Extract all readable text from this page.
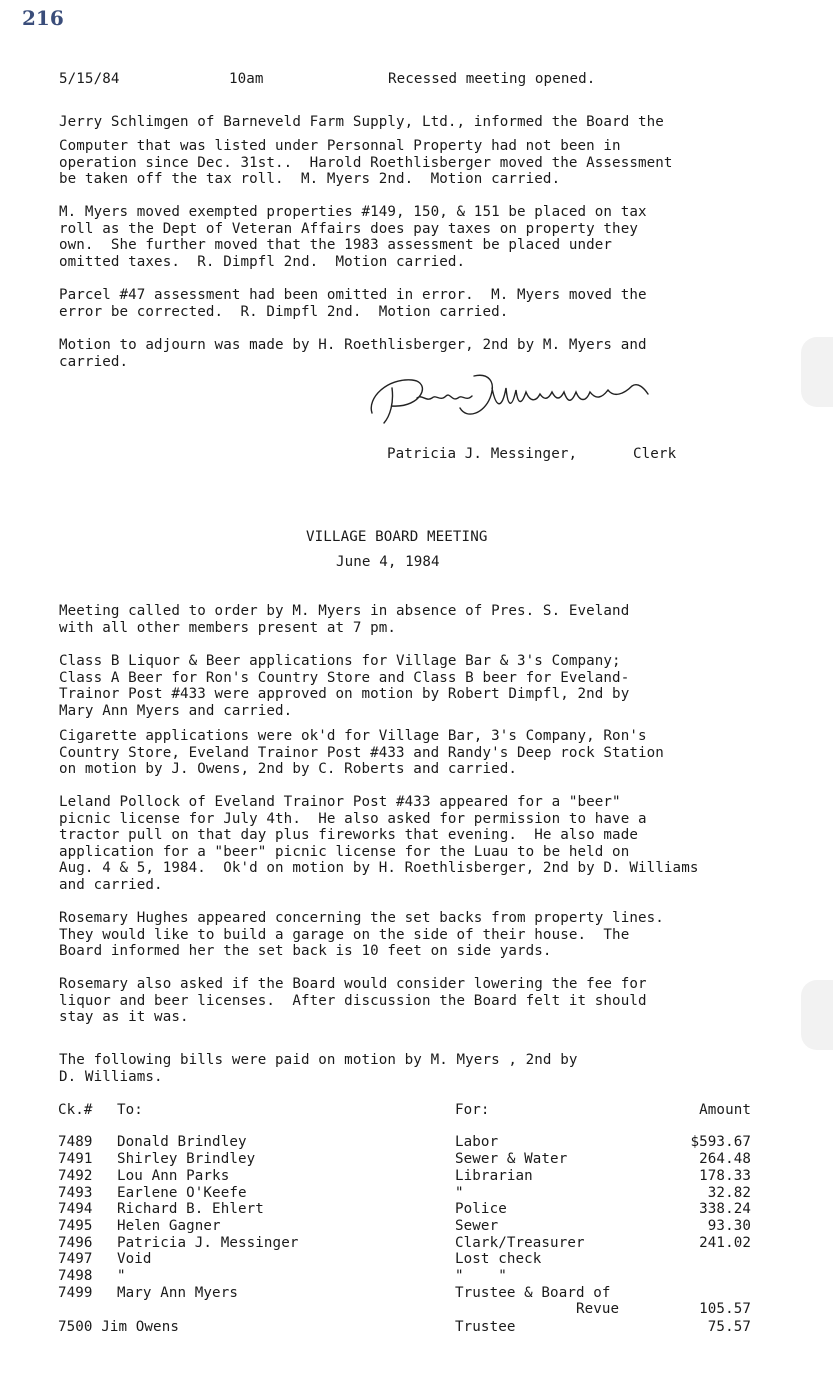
216
5/15/84	10am	Recessed meeting opened.
Jerry Schlimgen of Barneveld Farm Supply, Ltd., informed the Board the
Computer that was listed under Personnal Property had not been in
operation since Dec. 31st..  Harold Roethlisberger moved the Assessment
be taken off the tax roll.  M. Myers 2nd.  Motion carried.
M. Myers moved exempted properties #149, 150, & 151 be placed on tax
roll as the Dept of Veteran Affairs does pay taxes on property they
own.  She further moved that the 1983 assessment be placed under
omitted taxes.  R. Dimpfl 2nd.  Motion carried.
Parcel #47 assessment had been omitted in error.  M. Myers moved the
error be corrected.  R. Dimpfl 2nd.  Motion carried.
Motion to adjourn was made by H. Roethlisberger, 2nd by M. Myers and
carried.
Patricia J. Messinger,	Clerk
VILLAGE BOARD MEETING
June 4, 1984
Meeting called to order by M. Myers in absence of Pres. S. Eveland
with all other members present at 7 pm.
Class B Liquor & Beer applications for Village Bar & 3's Company;
Class A Beer for Ron's Country Store and Class B beer for Eveland-
Trainor Post #433 were approved on motion by Robert Dimpfl, 2nd by
Mary Ann Myers and carried.
Cigarette applications were ok'd for Village Bar, 3's Company, Ron's
Country Store, Eveland Trainor Post #433 and Randy's Deep rock Station
on motion by J. Owens, 2nd by C. Roberts and carried.
Leland Pollock of Eveland Trainor Post #433 appeared for a "beer"
picnic license for July 4th.  He also asked for permission to have a
tractor pull on that day plus fireworks that evening.  He also made
application for a "beer" picnic license for the Luau to be held on
Aug. 4 & 5, 1984.  Ok'd on motion by H. Roethlisberger, 2nd by D. Williams
and carried.
Rosemary Hughes appeared concerning the set backs from property lines.
They would like to build a garage on the side of their house.  The
Board informed her the set back is 10 feet on side yards.
Rosemary also asked if the Board would consider lowering the fee for
liquor and beer licenses.  After discussion the Board felt it should
stay as it was.
The following bills were paid on motion by M. Myers , 2nd by
D. Williams.
Ck.# To:	For:	Amount
7489 Donald Brindley	Labor	$593.67
7491 Shirley Brindley	Sewer & Water	264.48
7492 Lou Ann Parks	Librarian	178.33
7493 Earlene O'Keefe	"	32.82
7494 Richard B. Ehlert	Police	338.24
7495 Helen Gagner	Sewer	93.30
7496 Patricia J. Messinger	Clark/Treasurer	241.02
7497 Void	Lost check
7498 "	"    "
7499 Mary Ann Myers	Trustee & Board of
Revue	105.57
7500 Jim Owens	Trustee	75.57
